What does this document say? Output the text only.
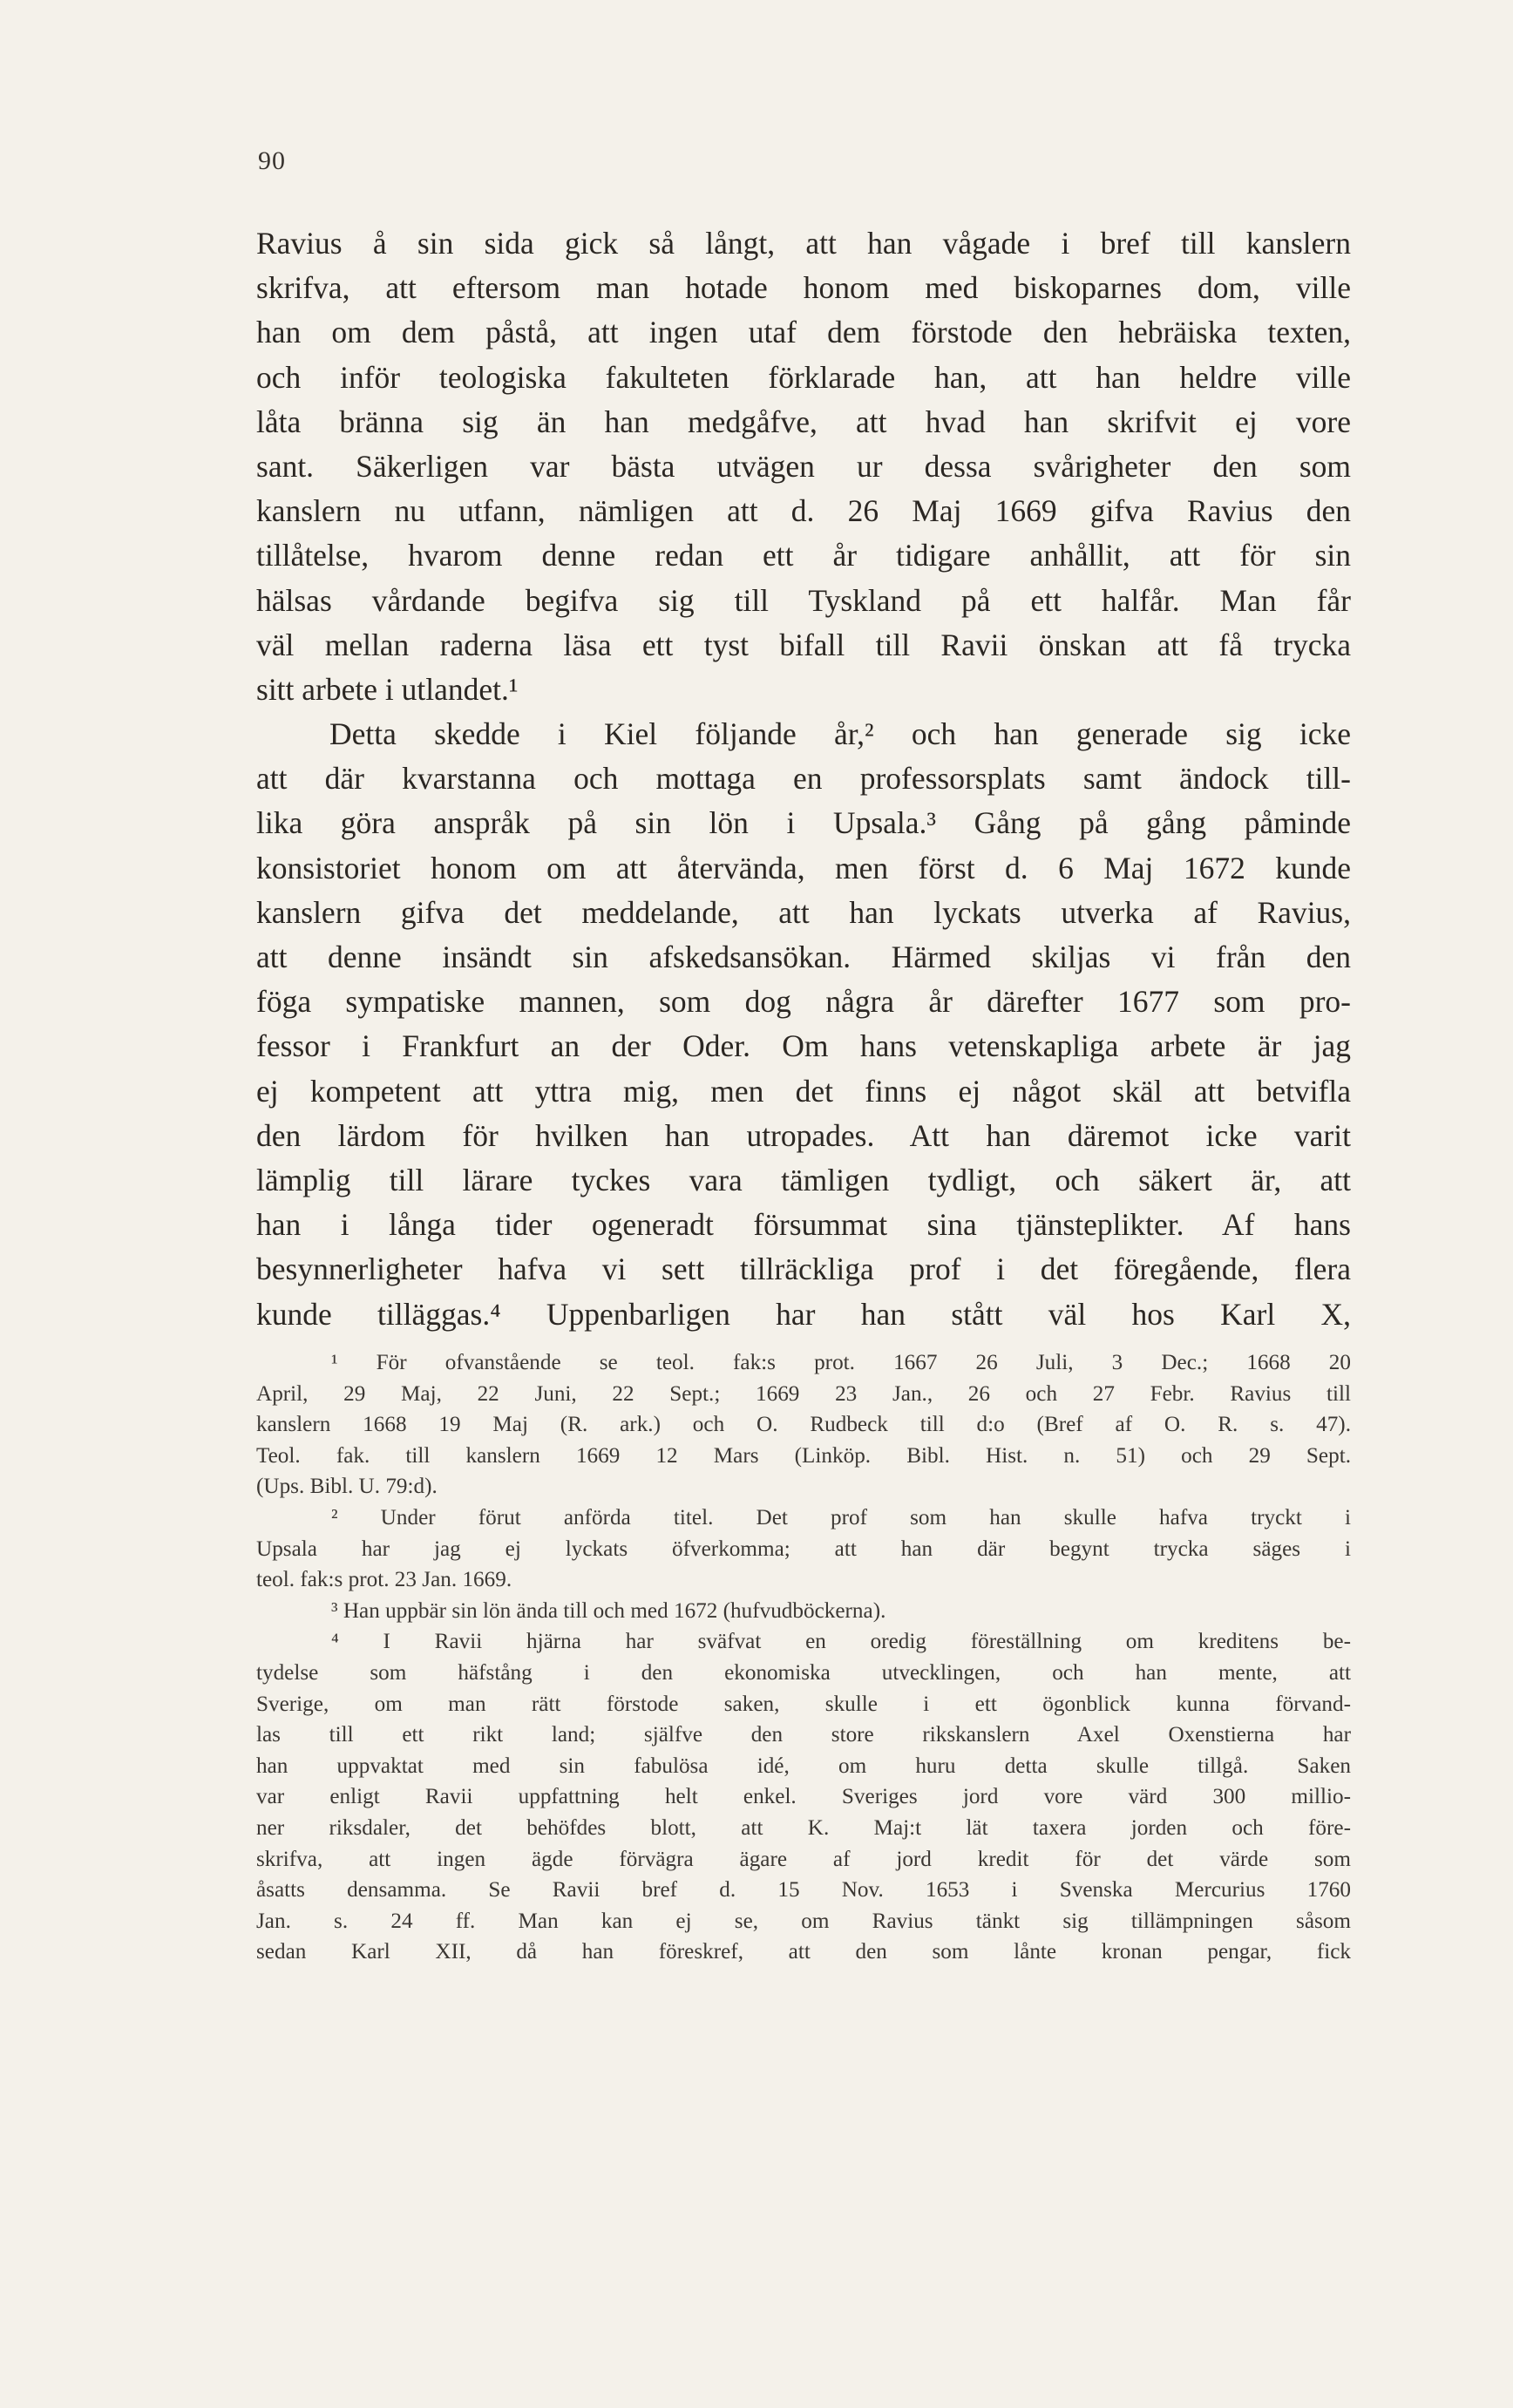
90
Ravius å sin sida gick så långt, att han vågade i bref till kanslern
skrifva, att eftersom man hotade honom med biskoparnes dom, ville
han om dem påstå, att ingen utaf dem förstode den hebräiska texten,
och inför teologiska fakulteten förklarade han, att han heldre ville
låta bränna sig än han medgåfve, att hvad han skrifvit ej vore
sant. Säkerligen var bästa utvägen ur dessa svårigheter den som
kanslern nu utfann, nämligen att d. 26 Maj 1669 gifva Ravius den
tillåtelse, hvarom denne redan ett år tidigare anhållit, att för sin
hälsas vårdande begifva sig till Tyskland på ett halfår. Man får
väl mellan raderna läsa ett tyst bifall till Ravii önskan att få trycka
sitt arbete i utlandet.¹
Detta skedde i Kiel följande år,² och han generade sig icke
att där kvarstanna och mottaga en professorsplats samt ändock till-
lika göra anspråk på sin lön i Upsala.³ Gång på gång påminde
konsistoriet honom om att återvända, men först d. 6 Maj 1672 kunde
kanslern gifva det meddelande, att han lyckats utverka af Ravius,
att denne insändt sin afskedsansökan. Härmed skiljas vi från den
föga sympatiske mannen, som dog några år därefter 1677 som pro-
fessor i Frankfurt an der Oder. Om hans vetenskapliga arbete är jag
ej kompetent att yttra mig, men det finns ej något skäl att betvifla
den lärdom för hvilken han utropades. Att han däremot icke varit
lämplig till lärare tyckes vara tämligen tydligt, och säkert är, att
han i långa tider ogeneradt försummat sina tjänsteplikter. Af hans
besynnerligheter hafva vi sett tillräckliga prof i det föregående, flera
kunde tilläggas.⁴ Uppenbarligen har han stått väl hos Karl X,
¹ För ofvanstående se teol. fak:s prot. 1667 26 Juli, 3 Dec.; 1668 20
April, 29 Maj, 22 Juni, 22 Sept.; 1669 23 Jan., 26 och 27 Febr. Ravius till
kanslern 1668 19 Maj (R. ark.) och O. Rudbeck till d:o (Bref af O. R. s. 47).
Teol. fak. till kanslern 1669 12 Mars (Linköp. Bibl. Hist. n. 51) och 29 Sept.
(Ups. Bibl. U. 79:d).
² Under förut anförda titel. Det prof som han skulle hafva tryckt i
Upsala har jag ej lyckats öfverkomma; att han där begynt trycka säges i
teol. fak:s prot. 23 Jan. 1669.
³ Han uppbär sin lön ända till och med 1672 (hufvudböckerna).
⁴ I Ravii hjärna har sväfvat en oredig föreställning om kreditens be-
tydelse som häfstång i den ekonomiska utvecklingen, och han mente, att
Sverige, om man rätt förstode saken, skulle i ett ögonblick kunna förvand-
las till ett rikt land; själfve den store rikskanslern Axel Oxenstierna har
han uppvaktat med sin fabulösa idé, om huru detta skulle tillgå. Saken
var enligt Ravii uppfattning helt enkel. Sveriges jord vore värd 300 millio-
ner riksdaler, det behöfdes blott, att K. Maj:t lät taxera jorden och före-
skrifva, att ingen ägde förvägra ägare af jord kredit för det värde som
åsatts densamma. Se Ravii bref d. 15 Nov. 1653 i Svenska Mercurius 1760
Jan. s. 24 ff. Man kan ej se, om Ravius tänkt sig tillämpningen såsom
sedan Karl XII, då han föreskref, att den som lånte kronan pengar, fick
